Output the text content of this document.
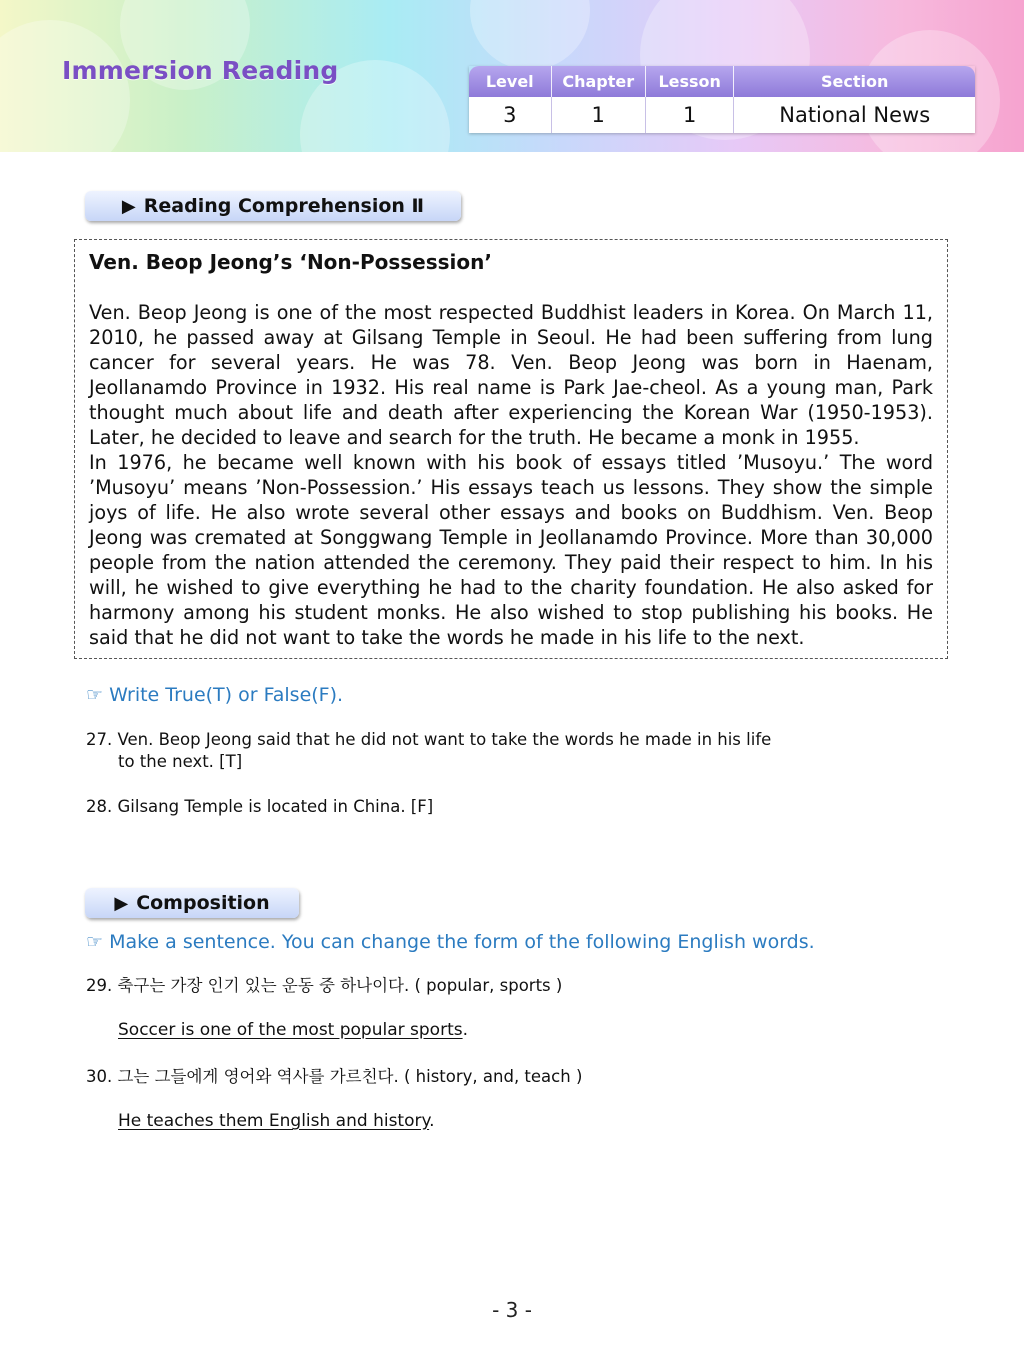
Immersion Reading	Level	Chapter	Lesson	Section
3	1	1	National News
▶ Reading Comprehension Ⅱ
Ven. Beop Jeong’s ‘Non-Possession’

Ven. Beop Jeong is one of the most respected Buddhist leaders in Korea. On March 11, 2010, he passed away at Gilsang Temple in Seoul. He had been suffering from lung cancer for several years. He was 78. Ven. Beop Jeong was born in Haenam, Jeollanamdo Province in 1932. His real name is Park Jae-cheol. As a young man, Park thought much about life and death after experiencing the Korean War (1950-1953). Later, he decided to leave and search for the truth. He became a monk in 1955.

In 1976, he became well known with his book of essays titled ’Musoyu.’ The word ’Musoyu’ means ’Non-Possession.’ His essays teach us lessons. They show the simple joys of life. He also wrote several other essays and books on Buddhism. Ven. Beop Jeong was cremated at Songgwang Temple in Jeollanamdo Province. More than 30,000 people from the nation attended the ceremony. They paid their respect to him. In his will, he wished to give everything he had to the charity foundation. He also asked for harmony among his student monks. He also wished to stop publishing his books. He said that he did not want to take the words he made in his life to the next.

☞ Write True(T) or False(F).
27. Ven. Beop Jeong said that he did not want to take the words he made in his life
to the next. [T]
28. Gilsang Temple is located in China. [F]
▶ Composition
☞ Make a sentence. You can change the form of the following English words.
29. 축구는 가장 인기 있는 운동 중 하나이다. ( popular, sports )
Soccer is one of the most popular sports.
30. 그는 그들에게 영어와 역사를 가르친다. ( history, and, teach )
He teaches them English and history.
- 3 -
